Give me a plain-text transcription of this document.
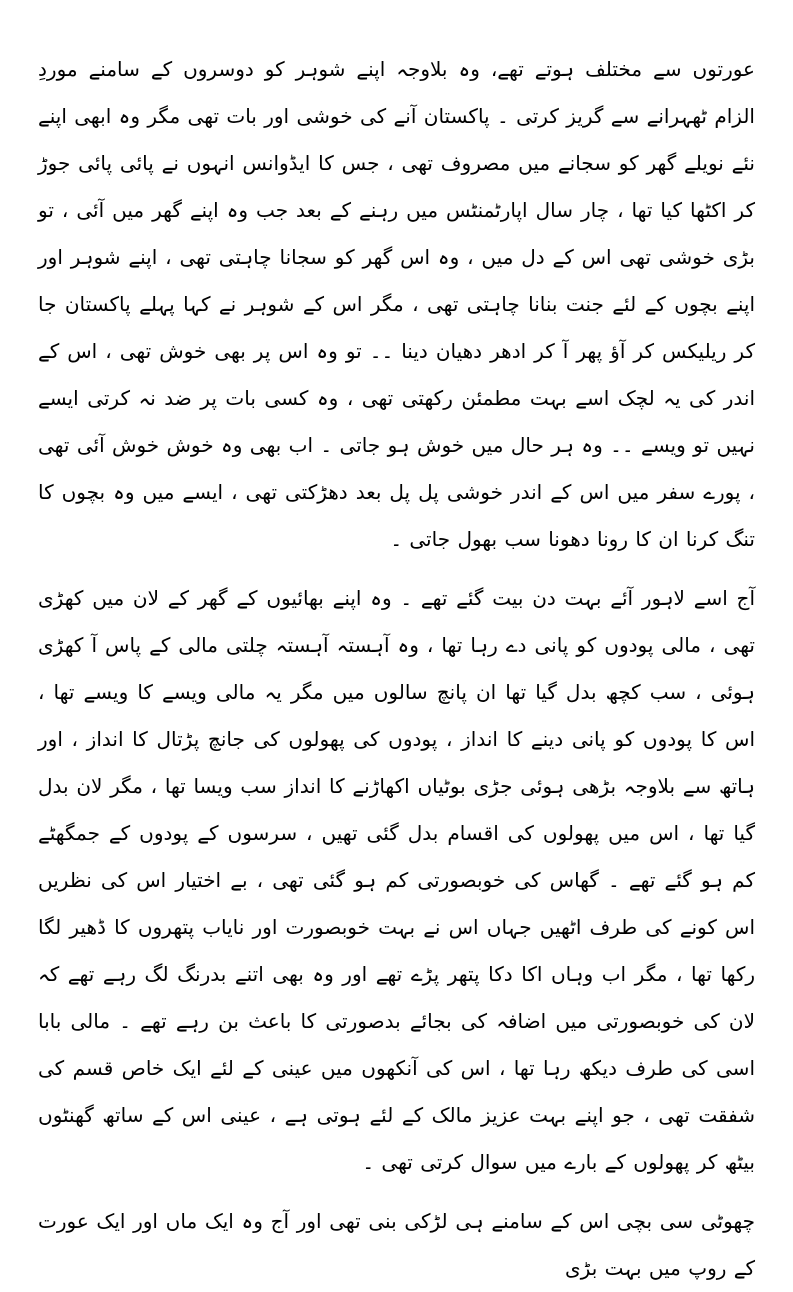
عورتوں سے مختلف ہوتے تھے، وہ بلاوجہ اپنے شوہر کو دوسروں کے سامنے موردِ الزام ٹھہرانے سے گریز کرتی ۔ پاکستان آنے کی خوشی اور بات تھی مگر وہ ابھی اپنے نئے نویلے گھر کو سجانے میں مصروف تھی ، جس کا ایڈوانس انہوں نے پائی پائی جوڑ کر اکٹھا کیا تھا ، چار سال اپارٹمنٹس میں رہنے کے بعد جب وہ اپنے گھر میں آئی ، تو بڑی خوشی تھی اس کے دل میں ، وہ اس گھر کو سجانا چاہتی تھی ، اپنے شوہر اور اپنے بچوں کے لئے جنت بنانا چاہتی تھی ، مگر اس کے شوہر نے کہا پہلے پاکستان جا کر ریلیکس کر آؤ پھر آ کر ادھر دھیان دینا ۔۔ تو وہ اس پر بھی خوش تھی ، اس کے اندر کی یہ لچک اسے بہت مطمئن رکھتی تھی ، وہ کسی بات پر ضد نہ کرتی ایسے نہیں تو ویسے ۔۔ وہ ہر حال میں خوش ہو جاتی ۔ اب بھی وہ خوش خوش آئی تھی ، پورے سفر میں اس کے اندر خوشی پل پل بعد دھڑکتی تھی ، ایسے میں وہ بچوں کا تنگ کرنا ان کا رونا دھونا سب بھول جاتی ۔

آج اسے لاہور آئے بہت دن بیت گئے تھے ۔ وہ اپنے بھائیوں کے گھر کے لان میں کھڑی تھی ، مالی پودوں کو پانی دے رہا تھا ، وہ آہستہ آہستہ چلتی مالی کے پاس آ کھڑی ہوئی ، سب کچھ بدل گیا تھا ان پانچ سالوں میں مگر یہ مالی ویسے کا ویسے تھا ، اس کا پودوں کو پانی دینے کا انداز ، پودوں کی پھولوں کی جانچ پڑتال کا انداز ، اور ہاتھ سے بلاوجہ بڑھی ہوئی جڑی بوٹیاں اکھاڑنے کا انداز سب ویسا تھا ، مگر لان بدل گیا تھا ، اس میں پھولوں کی اقسام بدل گئی تھیں ، سرسوں کے پودوں کے جمگھٹے کم ہو گئے تھے ۔ گھاس کی خوبصورتی کم ہو گئی تھی ، بے اختیار اس کی نظریں اس کونے کی طرف اٹھیں جہاں اس نے بہت خوبصورت اور نایاب پتھروں کا ڈھیر لگا رکھا تھا ، مگر اب وہاں اکا دکا پتھر پڑے تھے اور وہ بھی اتنے بدرنگ لگ رہے تھے کہ لان کی خوبصورتی میں اضافہ کی بجائے بدصورتی کا باعث بن رہے تھے ۔ مالی بابا اسی کی طرف دیکھ رہا تھا ، اس کی آنکھوں میں عینی کے لئے ایک خاص قسم کی شفقت تھی ، جو اپنے بہت عزیز مالک کے لئے ہوتی ہے ، عینی اس کے ساتھ گھنٹوں بیٹھ کر پھولوں کے بارے میں سوال کرتی تھی ۔

چھوٹی سی بچی اس کے سامنے ہی لڑکی بنی تھی اور آج وہ ایک ماں اور ایک عورت کے روپ میں بہت بڑی
